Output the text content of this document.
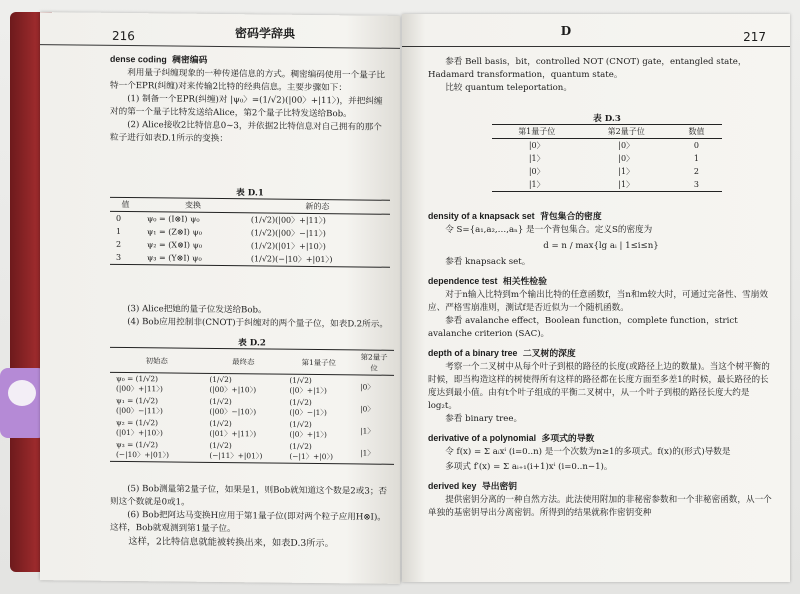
216	密码学辞典
dense coding 稠密编码
利用量子纠缠现象的一种传递信息的方式。稠密编码使用一个量子比特一个EPR(纠缠)对来传输2比特的经典信息。主要步骤如下：
(1) 制备一个EPR(纠缠)对 |ψ₀〉=(1/√2)(|00〉+|11〉)，并把纠缠对的第一个量子比特发送给Alice，第2个量子比特发送给Bob。
(2) Alice接收2比特信息0~3，并依据2比特信息对自己拥有的那个粒子进行如表D.1所示的变换：
表 D.1
值	变换	新的态
0	ψ₀ = (I⊗I) ψ₀	(1/√2)(|00〉+|11〉)
1	ψ₁ = (Z⊗I) ψ₀	(1/√2)(|00〉−|11〉)
2	ψ₂ = (X⊗I) ψ₀	(1/√2)(|01〉+|10〉)
3	ψ₃ = (Y⊗I) ψ₀	(1/√2)(−|10〉+|01〉)
(3) Alice把她的量子位发送给Bob。
(4) Bob应用控制非(CNOT)于纠缠对的两个量子位，如表D.2所示。
表 D.2
初始态	最终态	第1量子位	第2量子位
ψ₀ = (1/√2)(|00〉+|11〉)	(1/√2)(|00〉+|10〉)	(1/√2)(|0〉+|1〉)	|0〉
ψ₁ = (1/√2)(|00〉−|11〉)	(1/√2)(|00〉−|10〉)	(1/√2)(|0〉−|1〉)	|0〉
ψ₂ = (1/√2)(|01〉+|10〉)	(1/√2)(|01〉+|11〉)	(1/√2)(|0〉+|1〉)	|1〉
ψ₃ = (1/√2)(−|10〉+|01〉)	(1/√2)(−|11〉+|01〉)	(1/√2)(−|1〉+|0〉)	|1〉
(5) Bob测量第2量子位，如果是1，则Bob就知道这个数是2或3；否则这个数就是0或1。
(6) Bob把阿达马变换H应用于第1量子位(即对两个粒子应用H⊗I)。这样，Bob就观测到第1量子位。
这样，2比特信息就能被转换出来，如表D.3所示。
D	217
参看 Bell basis，bit，controlled NOT (CNOT) gate，entangled state，Hadamard transformation，quantum state。
比较 quantum teleportation。
表 D.3
第1量子位	第2量子位	数值
|0〉	|0〉	0
|1〉	|0〉	1
|0〉	|1〉	2
|1〉	|1〉	3
density of a knapsack set 背包集合的密度
令 S={a₁,a₂,…,aₙ} 是一个背包集合。定义S的密度为
d = n / max{lg aᵢ | 1≤i≤n}
参看 knapsack set。
dependence test 相关性检验
对于n输入比特到m个输出比特的任意函数f，当n和m较大时，可通过完备性、雪崩效应、严格雪崩准则，测试f是否近似为一个随机函数。
参看 avalanche effect，Boolean function，complete function，strict avalanche criterion (SAC)。
depth of a binary tree 二叉树的深度
考察一个二叉树中从每个叶子到根的路径的长度(或路径上边的数量)。当这个树平衡的时候，即当构造这样的树使得所有这样的路径都在长度方面至多差1的时候，最长路径的长度达到最小值。由有t个叶子组成的平衡二叉树中，从一个叶子到根的路径长度大约是log₂t。
参看 binary tree。
derivative of a polynomial 多项式的导数
令 f(x) = Σ aᵢxⁱ (i=0..n) 是一个次数为n≥1的多项式。f(x)的(形式)导数是
多项式 f′(x) = Σ aᵢ₊₁(i+1)xⁱ (i=0..n−1)。
derived key 导出密钥
提供密钥分离的一种自然方法。此法使用附加的非秘密参数和一个非秘密函数，从一个单独的基密钥导出分离密钥。所得到的结果就称作密钥变种
